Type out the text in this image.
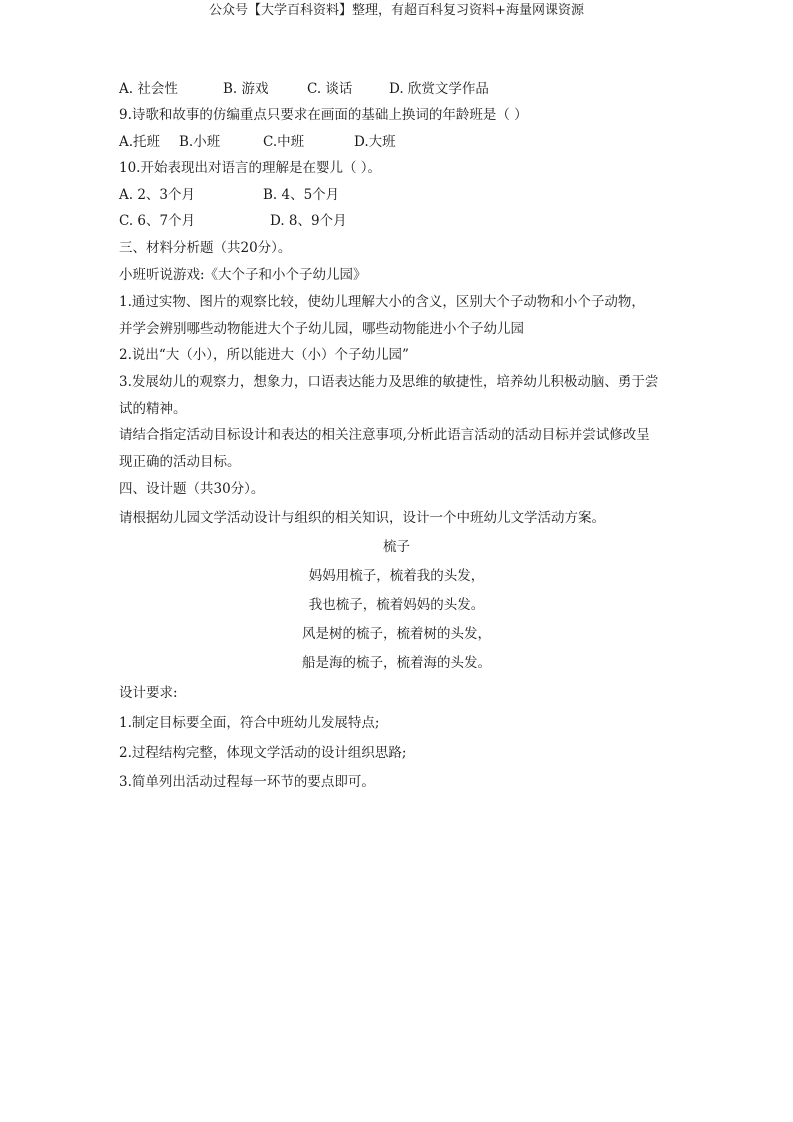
公众号【大学百科资料】整理，有超百科复习资料+海量网课资源
A. 社会性	B. 游戏	C. 谈话	D. 欣赏文学作品
9.诗歌和故事的仿编重点只要求在画面的基础上换词的年龄班是（ ）
A.托班 B.小班	C.中班	D.大班
10.开始表现出对语言的理解是在婴儿（ ）。
A. 2、3个月	B. 4、5个月
C. 6、7个月	D. 8、9个月
三、材料分析题（共20分）。
小班听说游戏:《大个子和小个子幼儿园》
1.通过实物、图片的观察比较，使幼儿理解大小的含义，区别大个子动物和小个子动物，
并学会辨别哪些动物能进大个子幼儿园，哪些动物能进小个子幼儿园
2.说出“大（小），所以能进大（小）个子幼儿园”
3.发展幼儿的观察力，想象力，口语表达能力及思维的敏捷性，培养幼儿积极动脑、勇于尝
试的精神。
请结合指定活动目标设计和表达的相关注意事项,分析此语言活动的活动目标并尝试修改呈
现正确的活动目标。
四、设计题（共30分）。
请根据幼儿园文学活动设计与组织的相关知识，设计一个中班幼儿文学活动方案。
梳子
妈妈用梳子，梳着我的头发，
我也梳子，梳着妈妈的头发。
风是树的梳子，梳着树的头发，
船是海的梳子，梳着海的头发。
设计要求:
1.制定目标要全面，符合中班幼儿发展特点;
2.过程结构完整，体现文学活动的设计组织思路;
3.简单列出活动过程每一环节的要点即可。
